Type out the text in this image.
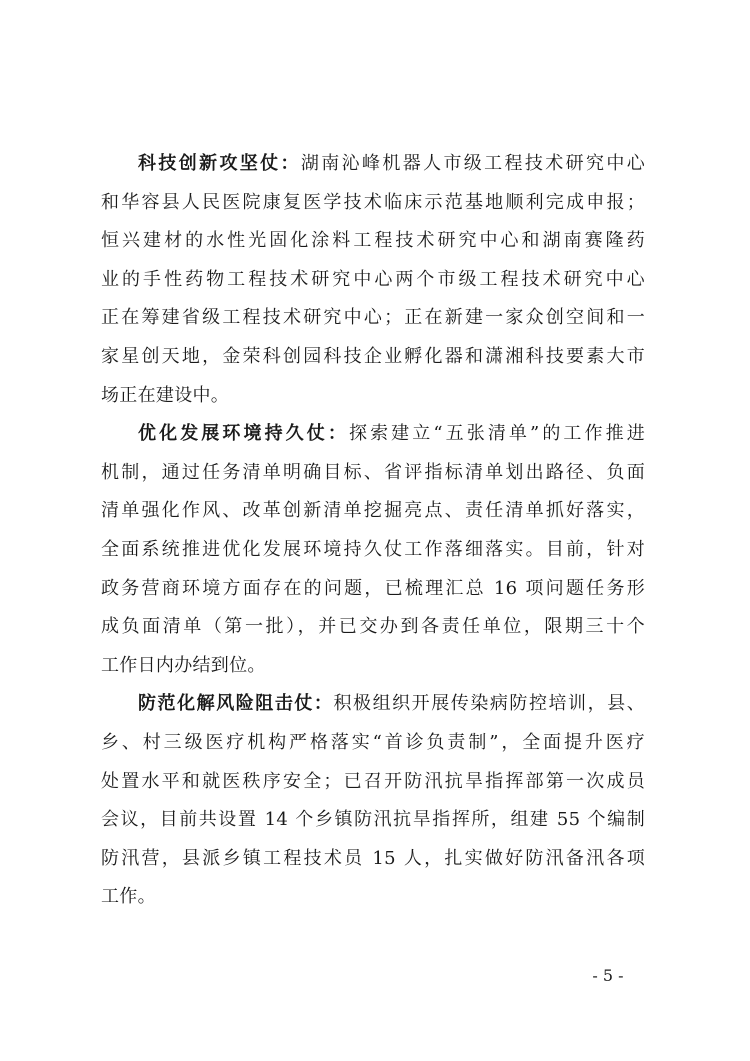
科技创新攻坚仗：湖南沁峰机器人市级工程技术研究中心
和华容县人民医院康复医学技术临床示范基地顺利完成申报；
恒兴建材的水性光固化涂料工程技术研究中心和湖南赛隆药
业的手性药物工程技术研究中心两个市级工程技术研究中心
正在筹建省级工程技术研究中心；正在新建一家众创空间和一
家星创天地，金荣科创园科技企业孵化器和潇湘科技要素大市
场正在建设中。
优化发展环境持久仗：探索建立“五张清单”的工作推进
机制，通过任务清单明确目标、省评指标清单划出路径、负面
清单强化作风、改革创新清单挖掘亮点、责任清单抓好落实，
全面系统推进优化发展环境持久仗工作落细落实。目前，针对
政务营商环境方面存在的问题，已梳理汇总 16 项问题任务形
成负面清单（第一批），并已交办到各责任单位，限期三十个
工作日内办结到位。
防范化解风险阻击仗：积极组织开展传染病防控培训，县、
乡、村三级医疗机构严格落实“首诊负责制”，全面提升医疗
处置水平和就医秩序安全；已召开防汛抗旱指挥部第一次成员
会议，目前共设置 14 个乡镇防汛抗旱指挥所，组建 55 个编制
防汛营，县派乡镇工程技术员 15 人，扎实做好防汛备汛各项
工作。
- 5 -
